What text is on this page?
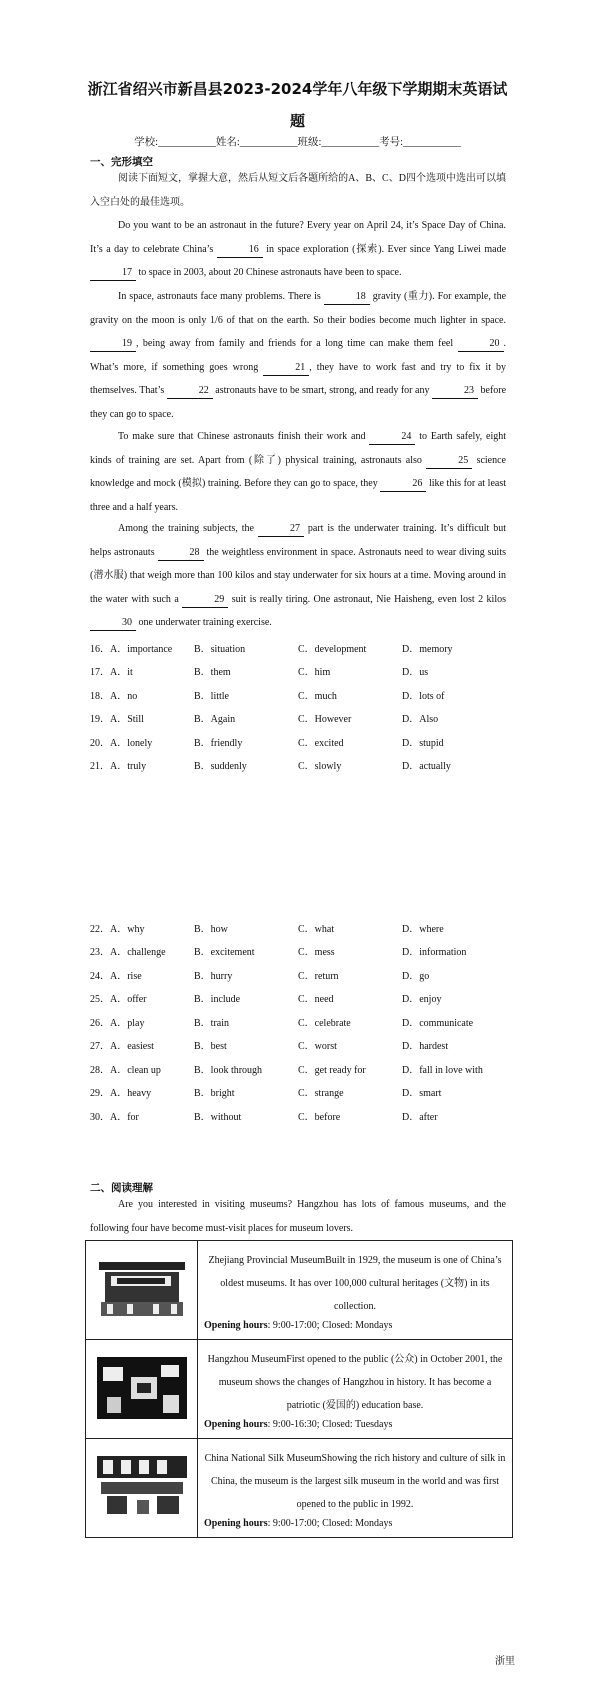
浙江省绍兴市新昌县2023-2024学年八年级下学期期末英语试
题
学校:___________姓名:___________班级:___________考号:___________
一、完形填空

阅读下面短文，掌握大意，然后从短文后各题所给的A、B、C、D四个选项中选出可以填入空白处的最佳选项。

Do you want to be an astronaut in the future? Every year on April 24, it’s Space Day of China. It’s a day to celebrate China’s	16 in space exploration (探索). Ever since Yang Liwei made 17 to space in 2003, about 20 Chinese astronauts have been to space.

In space, astronauts face many problems. There is	18 gravity (重力). For example, the gravity on the moon is only 1/6 of that on the earth. So their bodies become much lighter in space. 19 , being away from family and friends for a long time can make them feel	20 . What’s more, if something goes wrong	21 , they have to work fast and try to fix it by themselves. That’s	22 astronauts have to be smart, strong, and ready for any	23 before they can go to space.

To make sure that Chinese astronauts finish their work and	24 to Earth safely, eight kinds of training are set. Apart from (除了) physical training, astronauts also	25 science knowledge and mock (模拟) training. Before they can go to space, they	26 like this for at least three and a half years.

Among the training subjects, the	27 part is the underwater training. It’s difficult but helps astronauts	28 the weightless environment in space. Astronauts need to wear diving suits (潜水服) that weigh more than 100 kilos and stay underwater for six hours at a time. Moving around in the water with such a	29 suit is really tiring. One astronaut, Nie Haisheng, even lost 2 kilos 30 one underwater training exercise.

16．A．importance B．situation	C．development	D．memory
17．A．it	B．them	C．him	D．us
18．A．no	B．little	C．much	D．lots of
19．A．Still	B．Again	C．However	D．Also
20．A．lonely	B．friendly	C．excited	D．stupid
21．A．truly	B．suddenly	C．slowly	D．actually
22．A．why	B．how	C．what	D．where
23．A．challenge	B．excitement	C．mess	D．information
24．A．rise	B．hurry	C．return	D．go
25．A．offer	B．include	C．need	D．enjoy
26．A．play	B．train	C．celebrate	D．communicate
27．A．easiest	B．best	C．worst	D．hardest
28．A．clean up	B．look through	C．get ready for	D．fall in love with
29．A．heavy	B．bright	C．strange	D．smart
30．A．for	B．without	C．before	D．after
二、阅读理解

Are you interested in visiting museums? Hangzhou has lots of famous museums, and the following four have become must-visit places for museum lovers.

Zhejiang Provincial MuseumBuilt in 1929, the museum is one of China’s oldest museums. It has over 100,000 cultural heritages (文物) in its collection.
Opening hours: 9:00-17:00; Closed: Mondays

Hangzhou MuseumFirst opened to the public (公众) in October 2001, the museum shows the changes of Hangzhou in history. It has become a patriotic (爱国的) education base.
Opening hours: 9:00-16:30; Closed: Tuesdays

China National Silk MuseumShowing the rich history and culture of silk in China, the museum is the largest silk museum in the world and was first opened to the public in 1992.
Opening hours: 9:00-17:00; Closed: Mondays
浙里
